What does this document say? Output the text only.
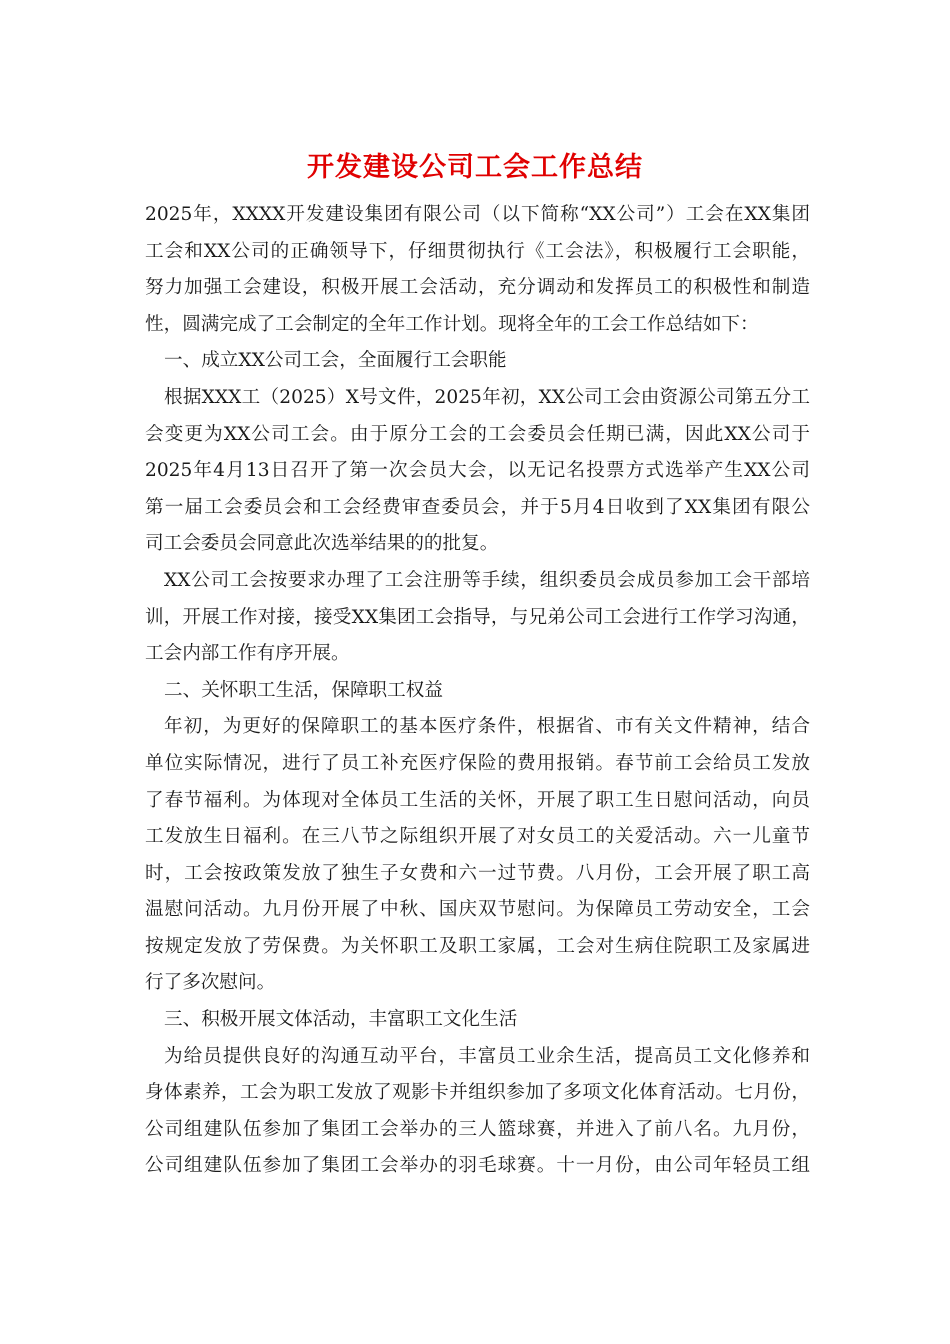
开发建设公司工会工作总结
2025年，XXXX开发建设集团有限公司（以下简称“XX公司”）工会在XX集团
工会和XX公司的正确领导下，仔细贯彻执行《工会法》，积极履行工会职能，
努力加强工会建设，积极开展工会活动，充分调动和发挥员工的积极性和制造
性，圆满完成了工会制定的全年工作计划。现将全年的工会工作总结如下：
一、成立XX公司工会，全面履行工会职能
根据XXX工（2025）X号文件，2025年初，XX公司工会由资源公司第五分工
会变更为XX公司工会。由于原分工会的工会委员会任期已满，因此XX公司于
2025年4月13日召开了第一次会员大会，以无记名投票方式选举产生XX公司
第一届工会委员会和工会经费审查委员会，并于5月4日收到了XX集团有限公
司工会委员会同意此次选举结果的的批复。
XX公司工会按要求办理了工会注册等手续，组织委员会成员参加工会干部培
训，开展工作对接，接受XX集团工会指导，与兄弟公司工会进行工作学习沟通，
工会内部工作有序开展。
二、关怀职工生活，保障职工权益
年初，为更好的保障职工的基本医疗条件，根据省、市有关文件精神，结合
单位实际情况，进行了员工补充医疗保险的费用报销。春节前工会给员工发放
了春节福利。为体现对全体员工生活的关怀，开展了职工生日慰问活动，向员
工发放生日福利。在三八节之际组织开展了对女员工的关爱活动。六一儿童节
时，工会按政策发放了独生子女费和六一过节费。八月份，工会开展了职工高
温慰问活动。九月份开展了中秋、国庆双节慰问。为保障员工劳动安全，工会
按规定发放了劳保费。为关怀职工及职工家属，工会对生病住院职工及家属进
行了多次慰问。
三、积极开展文体活动，丰富职工文化生活
为给员提供良好的沟通互动平台，丰富员工业余生活，提高员工文化修养和
身体素养，工会为职工发放了观影卡并组织参加了多项文化体育活动。七月份，
公司组建队伍参加了集团工会举办的三人篮球赛，并进入了前八名。九月份，
公司组建队伍参加了集团工会举办的羽毛球赛。十一月份，由公司年轻员工组
